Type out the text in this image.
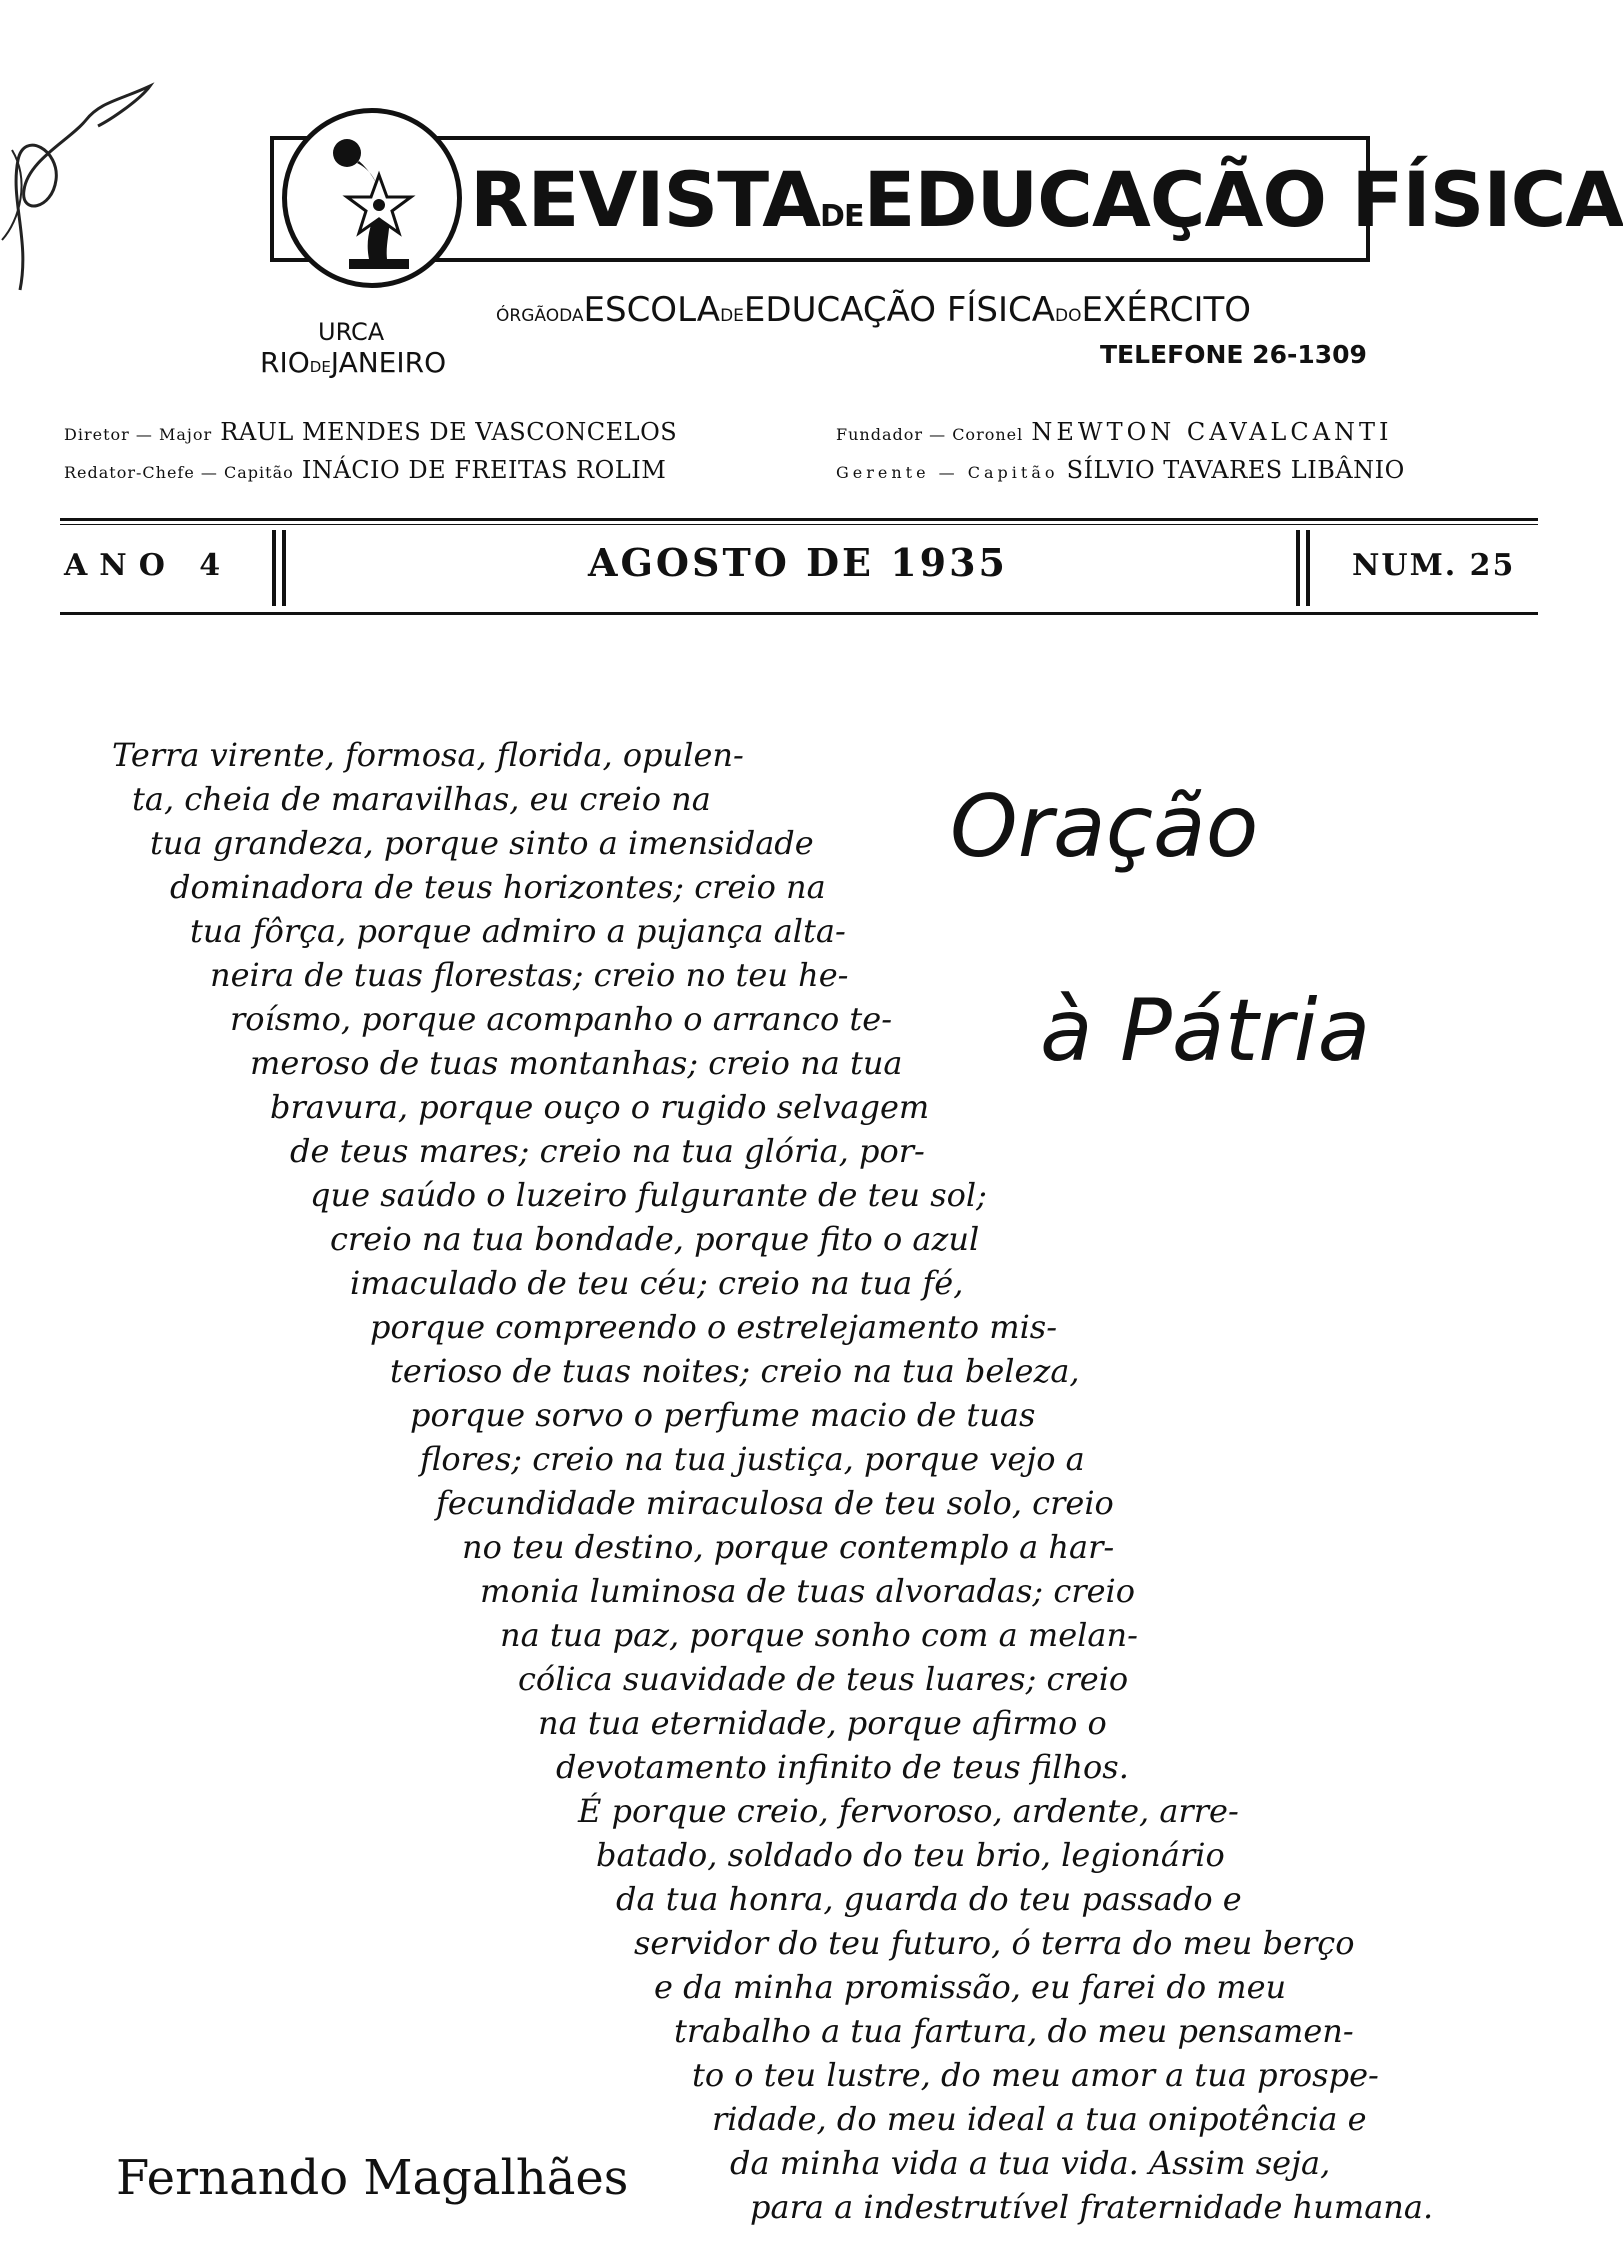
REVISTADEEDUCAÇÃO FÍSICA
ÓRGÃODAESCOLADEEDUCAÇÃO FÍSICADOEXÉRCITO
URCA
RIODEJANEIRO	TELEFONE 26-1309
Diretor — Major RAUL MENDES DE VASCONCELOS
Redator-Chefe — Capitão INÁCIO DE FREITAS ROLIM
Fundador — Coronel NEWTON CAVALCANTI
Gerente — Capitão SÍLVIO TAVARES LIBÂNIO
ANO 4	AGOSTO DE 1935	NUM. 25
Oração
à Pátria
Terra virente, formosa, florida, opulen-
ta, cheia de maravilhas, eu creio na
tua grandeza, porque sinto a imensidade
dominadora de teus horizontes; creio na
tua fôrça, porque admiro a pujança alta-
neira de tuas florestas; creio no teu he-
roísmo, porque acompanho o arranco te-
meroso de tuas montanhas; creio na tua
bravura, porque ouço o rugido selvagem
de teus mares; creio na tua glória, por-
que saúdo o luzeiro fulgurante de teu sol;
creio na tua bondade, porque fito o azul
imaculado de teu céu; creio na tua fé,
porque compreendo o estrelejamento mis-
terioso de tuas noites; creio na tua beleza,
porque sorvo o perfume macio de tuas
flores; creio na tua justiça, porque vejo a
fecundidade miraculosa de teu solo, creio
no teu destino, porque contemplo a har-
monia luminosa de tuas alvoradas; creio
na tua paz, porque sonho com a melan-
cólica suavidade de teus luares; creio
na tua eternidade, porque afirmo o
devotamento infinito de teus filhos.
É porque creio, fervoroso, ardente, arre-
batado, soldado do teu brio, legionário
da tua honra, guarda do teu passado e
servidor do teu futuro, ó terra do meu berço
e da minha promissão, eu farei do meu
trabalho a tua fartura, do meu pensamen-
to o teu lustre, do meu amor a tua prospe-
ridade, do meu ideal a tua onipotência e
da minha vida a tua vida. Assim seja,
para a indestrutível fraternidade humana.
Fernando Magalhães
